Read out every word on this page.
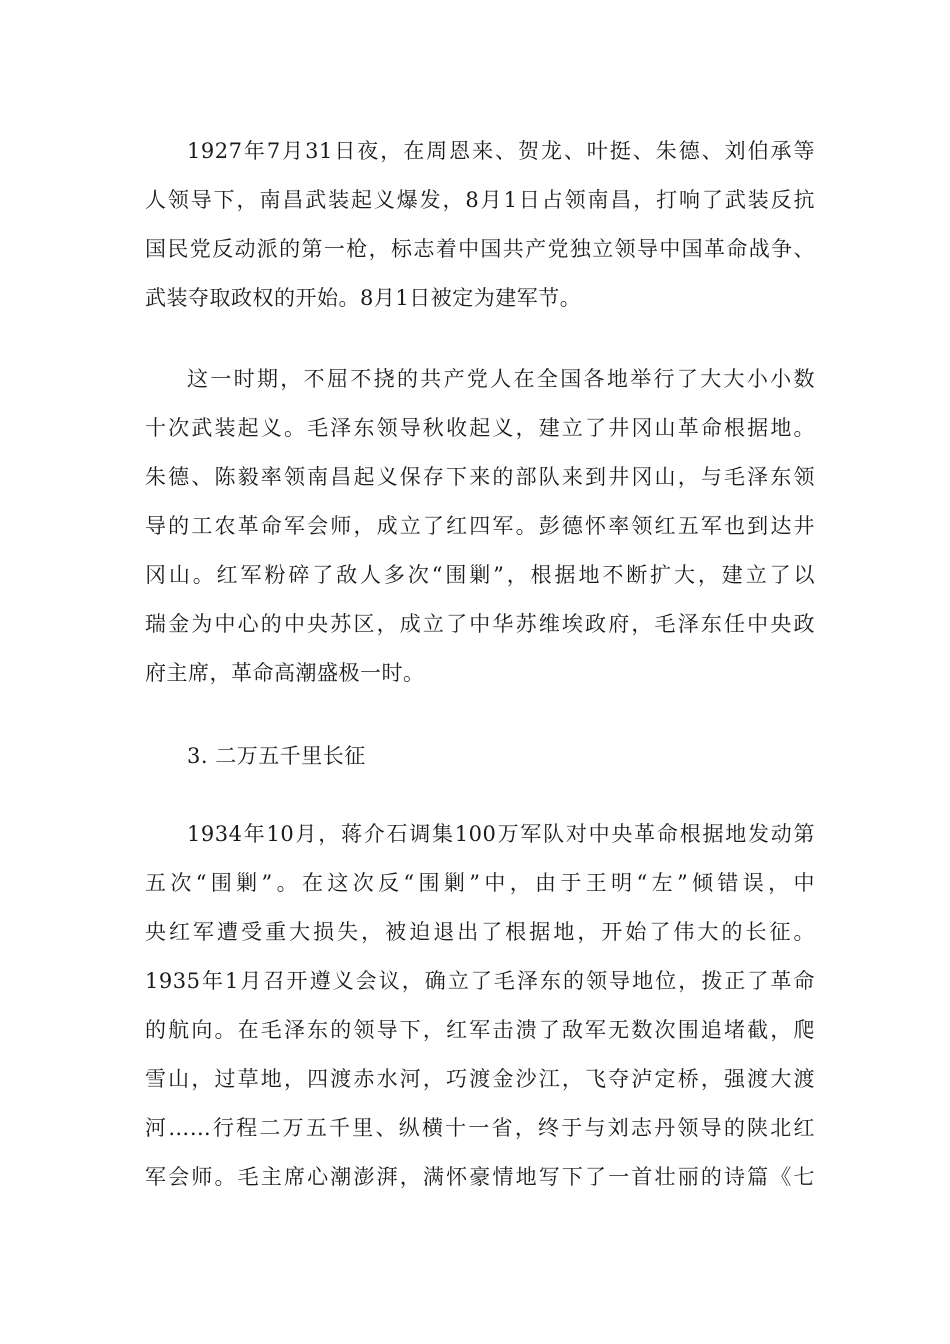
1927年7月31日夜，在周恩来、贺龙、叶挺、朱德、刘伯承等
人领导下，南昌武装起义爆发，8月1日占领南昌，打响了武装反抗
国民党反动派的第一枪，标志着中国共产党独立领导中国革命战争、
武装夺取政权的开始。8月1日被定为建军节。
这一时期，不屈不挠的共产党人在全国各地举行了大大小小数
十次武装起义。毛泽东领导秋收起义，建立了井冈山革命根据地。
朱德、陈毅率领南昌起义保存下来的部队来到井冈山，与毛泽东领
导的工农革命军会师，成立了红四军。彭德怀率领红五军也到达井
冈山。红军粉碎了敌人多次“围剿”，根据地不断扩大，建立了以
瑞金为中心的中央苏区，成立了中华苏维埃政府，毛泽东任中央政
府主席，革命高潮盛极一时。
3. 二万五千里长征
1934年10月，蒋介石调集100万军队对中央革命根据地发动第
五次“围剿”。在这次反“围剿”中，由于王明“左”倾错误，中
央红军遭受重大损失，被迫退出了根据地，开始了伟大的长征。
1935年1月召开遵义会议，确立了毛泽东的领导地位，拨正了革命
的航向。在毛泽东的领导下，红军击溃了敌军无数次围追堵截，爬
雪山，过草地，四渡赤水河，巧渡金沙江，飞夺泸定桥，强渡大渡
河……行程二万五千里、纵横十一省，终于与刘志丹领导的陕北红
军会师。毛主席心潮澎湃，满怀豪情地写下了一首壮丽的诗篇《七
